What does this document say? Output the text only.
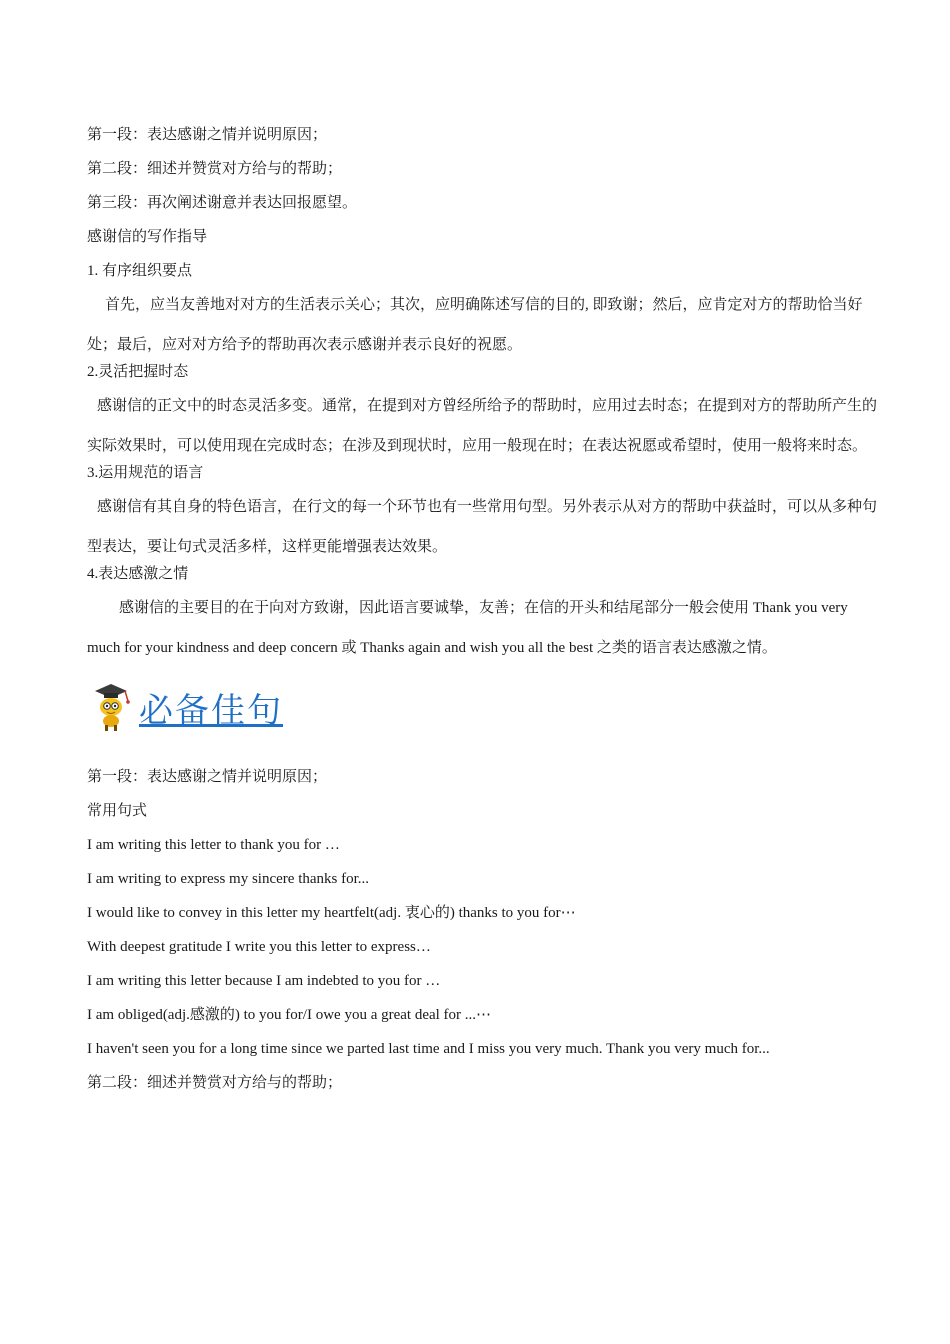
第一段：表达感谢之情并说明原因；
第二段：细述并赞赏对方给与的帮助；
第三段：再次阐述谢意并表达回报愿望。
感谢信的写作指导
1. 有序组织要点
首先，应当友善地对对方的生活表示关心；其次，应明确陈述写信的目的, 即致谢；然后，应肯定对方的帮助恰当好处；最后，应对对方给予的帮助再次表示感谢并表示良好的祝愿。
2.灵活把握时态
感谢信的正文中的时态灵活多变。通常，在提到对方曾经所给予的帮助时，应用过去时态；在提到对方的帮助所产生的实际效果时，可以使用现在完成时态；在涉及到现状时，应用一般现在时；在表达祝愿或希望时，使用一般将来时态。
3.运用规范的语言
感谢信有其自身的特色语言，在行文的每一个环节也有一些常用句型。另外表示从对方的帮助中获益时，可以从多种句型表达，要让句式灵活多样，这样更能增强表达效果。
4.表达感激之情
感谢信的主要目的在于向对方致谢，因此语言要诚挚，友善；在信的开头和结尾部分一般会使用 Thank you very much for your kindness and deep concern 或 Thanks again and wish you all the best 之类的语言表达感激之情。
必备佳句
第一段：表达感谢之情并说明原因；
常用句式
I am writing this letter to thank you for …
I am writing to express my sincere thanks for...
I would like to convey in this letter my heartfelt(adj. 衷心的) thanks to you for⋯
With deepest gratitude I write you this letter to express…
I am writing this letter because I am indebted to you for …
I am obliged(adj.感激的) to you for/I owe you a great deal for ...⋯
I haven't seen you for a long time since we parted last time and I miss you very much. Thank you very much for...
第二段：细述并赞赏对方给与的帮助；
